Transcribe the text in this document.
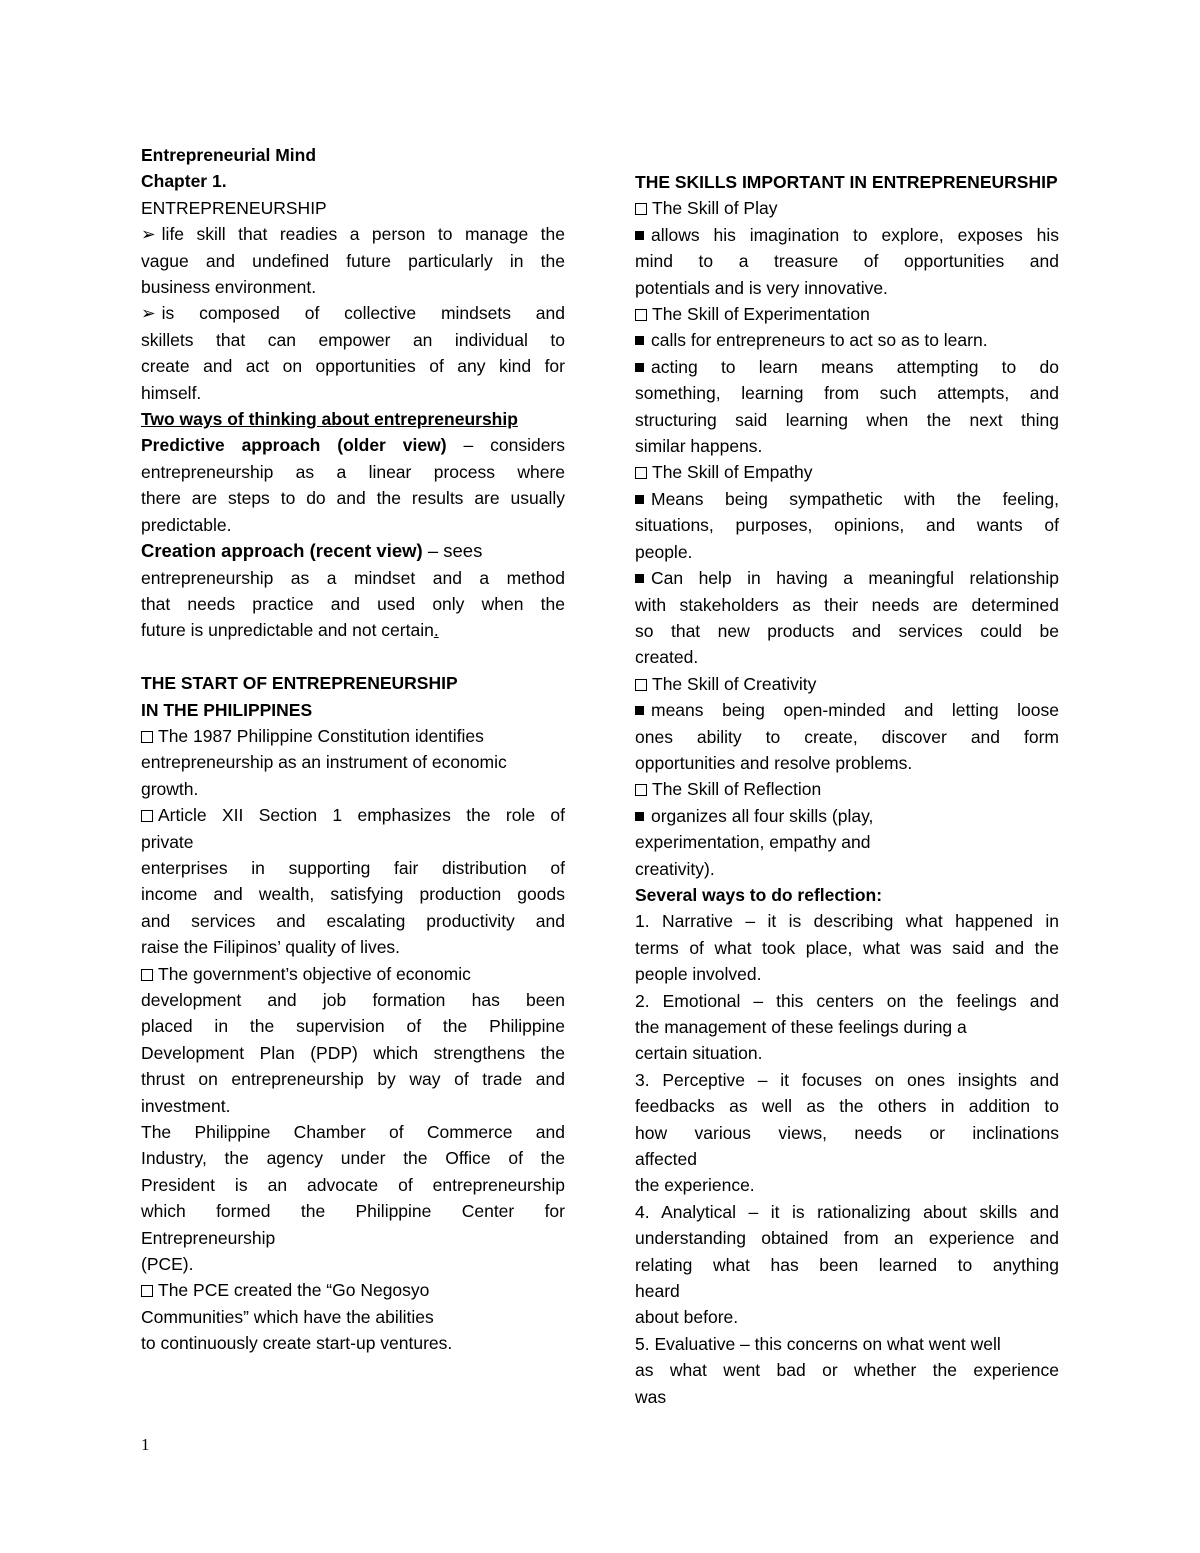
Entrepreneurial Mind
Chapter 1.
ENTREPRENEURSHIP
➢ life skill that readies a person to manage the
vague and undefined future particularly in the
business environment.
➢ is composed of collective mindsets and
skillets that can empower an individual to
create and act on opportunities of any kind for
himself.
Two ways of thinking about entrepreneurship
Predictive approach (older view) – considers
entrepreneurship as a linear process where
there are steps to do and the results are usually
predictable.
Creation approach (recent view) – sees
entrepreneurship as a mindset and a method
that needs practice and used only when the
future is unpredictable and not certain.
THE START OF ENTREPRENEURSHIP
IN THE PHILIPPINES
The 1987 Philippine Constitution identifies
entrepreneurship as an instrument of economic
growth.
Article XII Section 1 emphasizes the role of
private
enterprises in supporting fair distribution of
income and wealth, satisfying production goods
and services and escalating productivity and
raise the Filipinos’ quality of lives.
The government’s objective of economic
development and job formation has been
placed in the supervision of the Philippine
Development Plan (PDP) which strengthens the
thrust on entrepreneurship by way of trade and
investment.
The Philippine Chamber of Commerce and
Industry, the agency under the Office of the
President is an advocate of entrepreneurship
which formed the Philippine Center for
Entrepreneurship
(PCE).
The PCE created the “Go Negosyo
Communities” which have the abilities
to continuously create start-up ventures.
THE SKILLS IMPORTANT IN ENTREPRENEURSHIP
The Skill of Play
allows his imagination to explore, exposes his
mind to a treasure of opportunities and
potentials and is very innovative.
The Skill of Experimentation
calls for entrepreneurs to act so as to learn.
acting to learn means attempting to do
something, learning from such attempts, and
structuring said learning when the next thing
similar happens.
The Skill of Empathy
Means being sympathetic with the feeling,
situations, purposes, opinions, and wants of
people.
Can help in having a meaningful relationship
with stakeholders as their needs are determined
so that new products and services could be
created.
The Skill of Creativity
means being open-minded and letting loose
ones ability to create, discover and form
opportunities and resolve problems.
The Skill of Reflection
organizes all four skills (play,
experimentation, empathy and
creativity).
Several ways to do reflection:
1. Narrative – it is describing what happened in
terms of what took place, what was said and the
people involved.
2. Emotional – this centers on the feelings and
the management of these feelings during a
certain situation.
3. Perceptive – it focuses on ones insights and
feedbacks as well as the others in addition to
how various views, needs or inclinations
affected
the experience.
4. Analytical – it is rationalizing about skills and
understanding obtained from an experience and
relating what has been learned to anything
heard
about before.
5. Evaluative – this concerns on what went well
as what went bad or whether the experience
was
1
